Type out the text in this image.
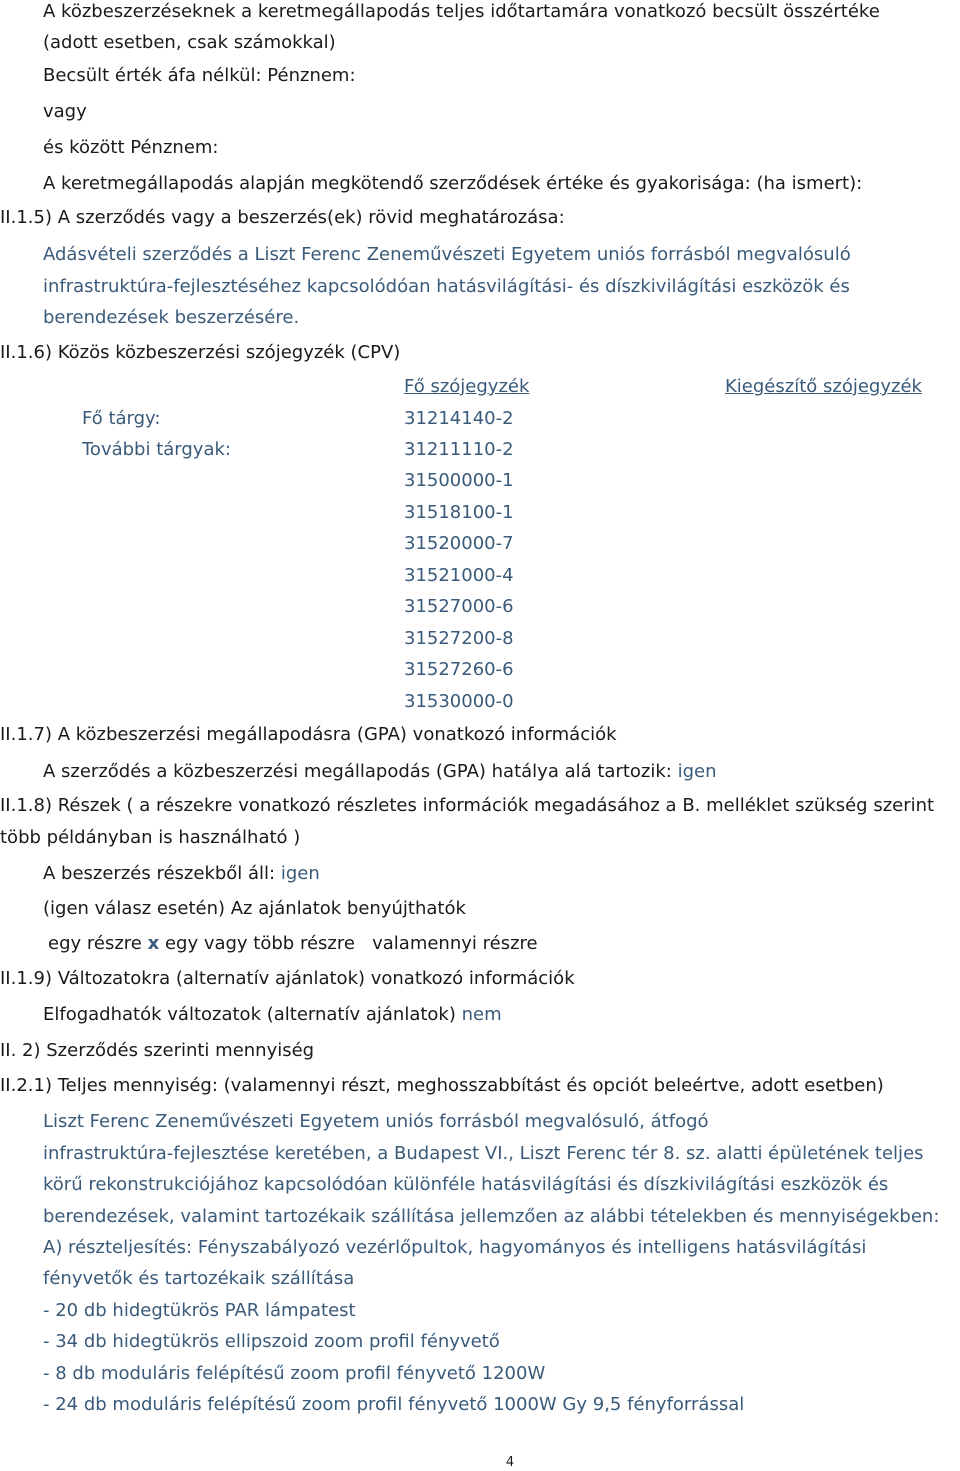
A közbeszerzéseknek a keretmegállapodás teljes időtartamára vonatkozó becsült összértéke
(adott esetben, csak számokkal)
Becsült érték áfa nélkül: Pénznem:
vagy
és között Pénznem:
A keretmegállapodás alapján megkötendő szerződések értéke és gyakorisága: (ha ismert):
II.1.5) A szerződés vagy a beszerzés(ek) rövid meghatározása:
Adásvételi szerződés a Liszt Ferenc Zeneművészeti Egyetem uniós forrásból megvalósuló
infrastruktúra-fejlesztéséhez kapcsolódóan hatásvilágítási- és díszkivilágítási eszközök és
berendezések beszerzésére.
II.1.6) Közös közbeszerzési szójegyzék (CPV)
Fő szójegyzék	Kiegészítő szójegyzék
Fő tárgy:	31214140-2
További tárgyak:	31211110-2
31500000-1
31518100-1
31520000-7
31521000-4
31527000-6
31527200-8
31527260-6
31530000-0
II.1.7) A közbeszerzési megállapodásra (GPA) vonatkozó információk
A szerződés a közbeszerzési megállapodás (GPA) hatálya alá tartozik: igen
II.1.8) Részek ( a részekre vonatkozó részletes információk megadásához a B. melléklet szükség szerint
több példányban is használható )
A beszerzés részekből áll: igen
(igen válasz esetén) Az ajánlatok benyújthatók
egy részre x egy vagy több részre valamennyi részre
II.1.9) Változatokra (alternatív ajánlatok) vonatkozó információk
Elfogadhatók változatok (alternatív ajánlatok) nem
II. 2) Szerződés szerinti mennyiség
II.2.1) Teljes mennyiség: (valamennyi részt, meghosszabbítást és opciót beleértve, adott esetben)
Liszt Ferenc Zeneművészeti Egyetem uniós forrásból megvalósuló, átfogó
infrastruktúra-fejlesztése keretében, a Budapest VI., Liszt Ferenc tér 8. sz. alatti épületének teljes
körű rekonstrukciójához kapcsolódóan különféle hatásvilágítási és díszkivilágítási eszközök és
berendezések, valamint tartozékaik szállítása jellemzően az alábbi tételekben és mennyiségekben:
A) részteljesítés: Fényszabályozó vezérlőpultok, hagyományos és intelligens hatásvilágítási
fényvetők és tartozékaik szállítása
- 20 db hidegtükrös PAR lámpatest
- 34 db hidegtükrös ellipszoid zoom profil fényvető
- 8 db moduláris felépítésű zoom profil fényvető 1200W
- 24 db moduláris felépítésű zoom profil fényvető 1000W Gy 9,5 fényforrással
4
